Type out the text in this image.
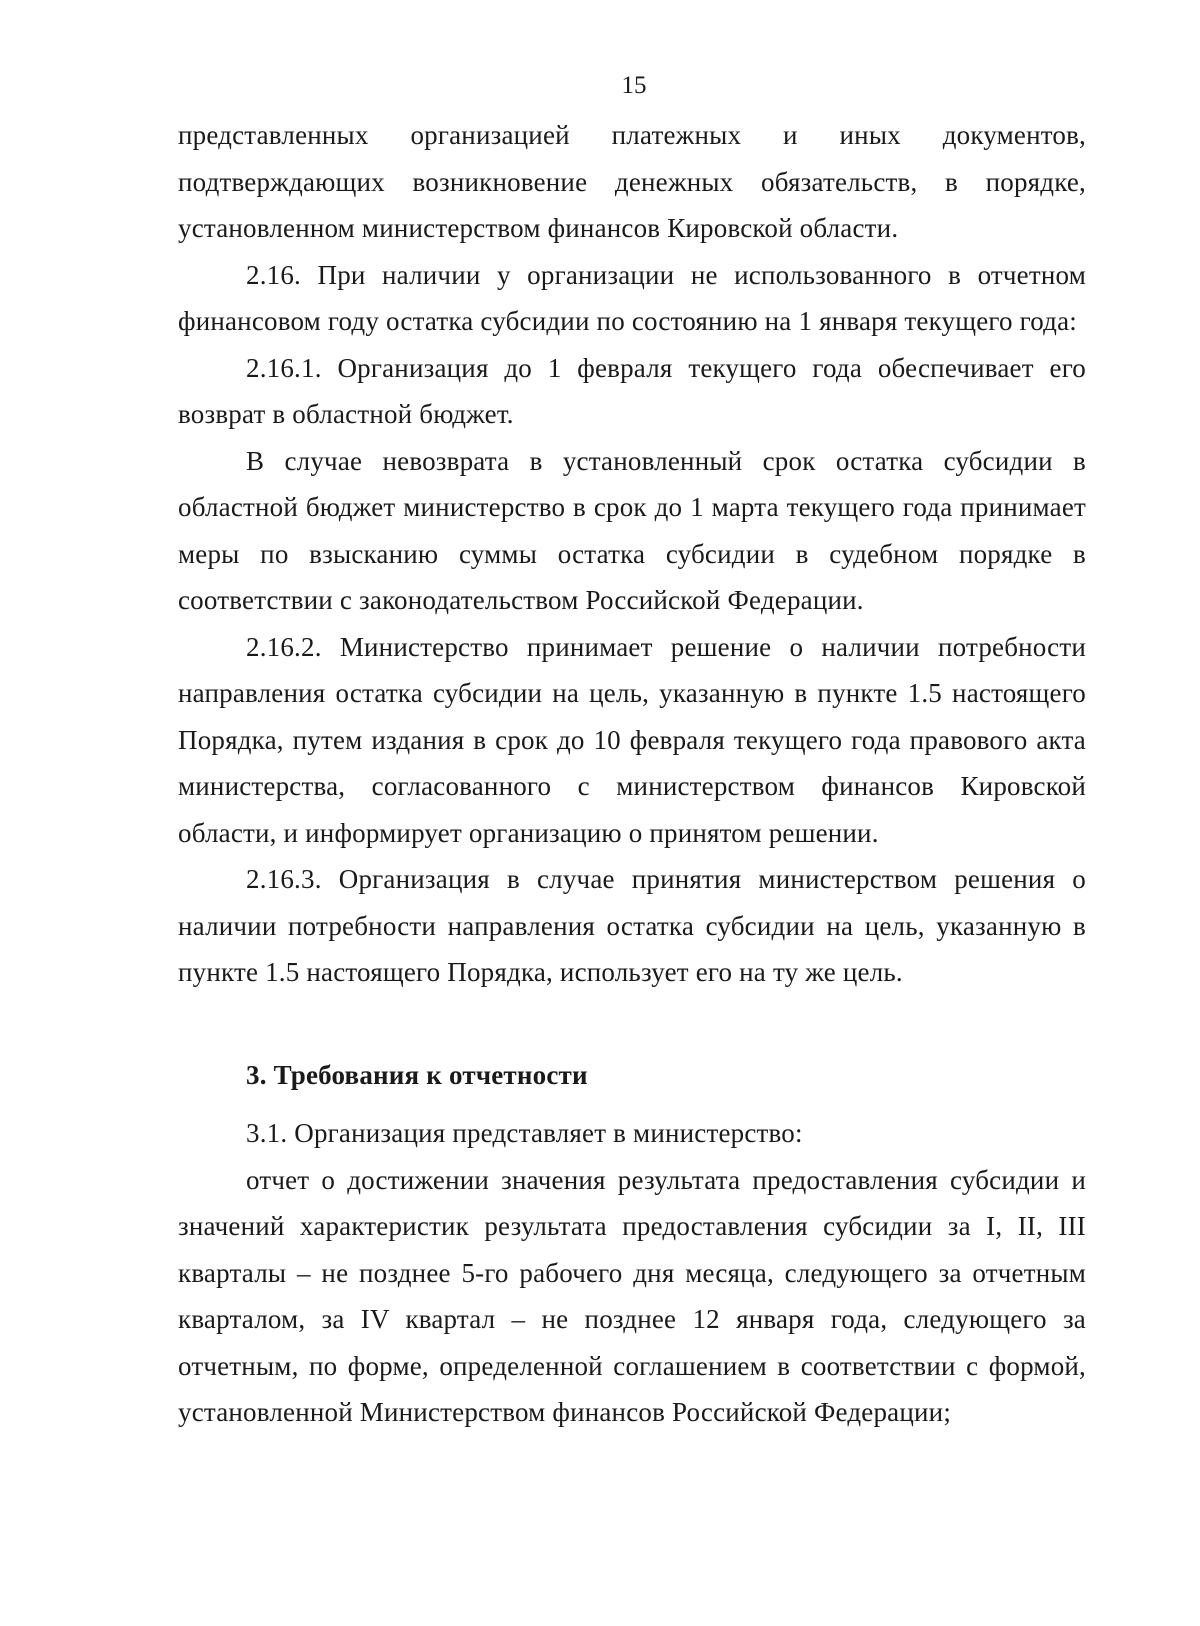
15

представленных организацией платежных и иных документов, подтверждающих возникновение денежных обязательств, в порядке, установленном министерством финансов Кировской области.

2.16. При наличии у организации не использованного в отчетном финансовом году остатка субсидии по состоянию на 1 января текущего года:

2.16.1. Организация до 1 февраля текущего года обеспечивает его возврат в областной бюджет.

В случае невозврата в установленный срок остатка субсидии в областной бюджет министерство в срок до 1 марта текущего года принимает меры по взысканию суммы остатка субсидии в судебном порядке в соответствии с законодательством Российской Федерации.

2.16.2. Министерство принимает решение о наличии потребности направления остатка субсидии на цель, указанную в пункте 1.5 настоящего Порядка, путем издания в срок до 10 февраля текущего года правового акта министерства, согласованного с министерством финансов Кировской области, и информирует организацию о принятом решении.

2.16.3. Организация в случае принятия министерством решения о наличии потребности направления остатка субсидии на цель, указанную в пункте 1.5 настоящего Порядка, использует его на ту же цель.

3. Требования к отчетности

3.1. Организация представляет в министерство:

отчет о достижении значения результата предоставления субсидии и значений характеристик результата предоставления субсидии за I, II, III кварталы – не позднее 5-го рабочего дня месяца, следующего за отчетным кварталом, за IV квартал – не позднее 12 января года, следующего за отчетным, по форме, определенной соглашением в соответствии с формой, установленной Министерством финансов Российской Федерации;
